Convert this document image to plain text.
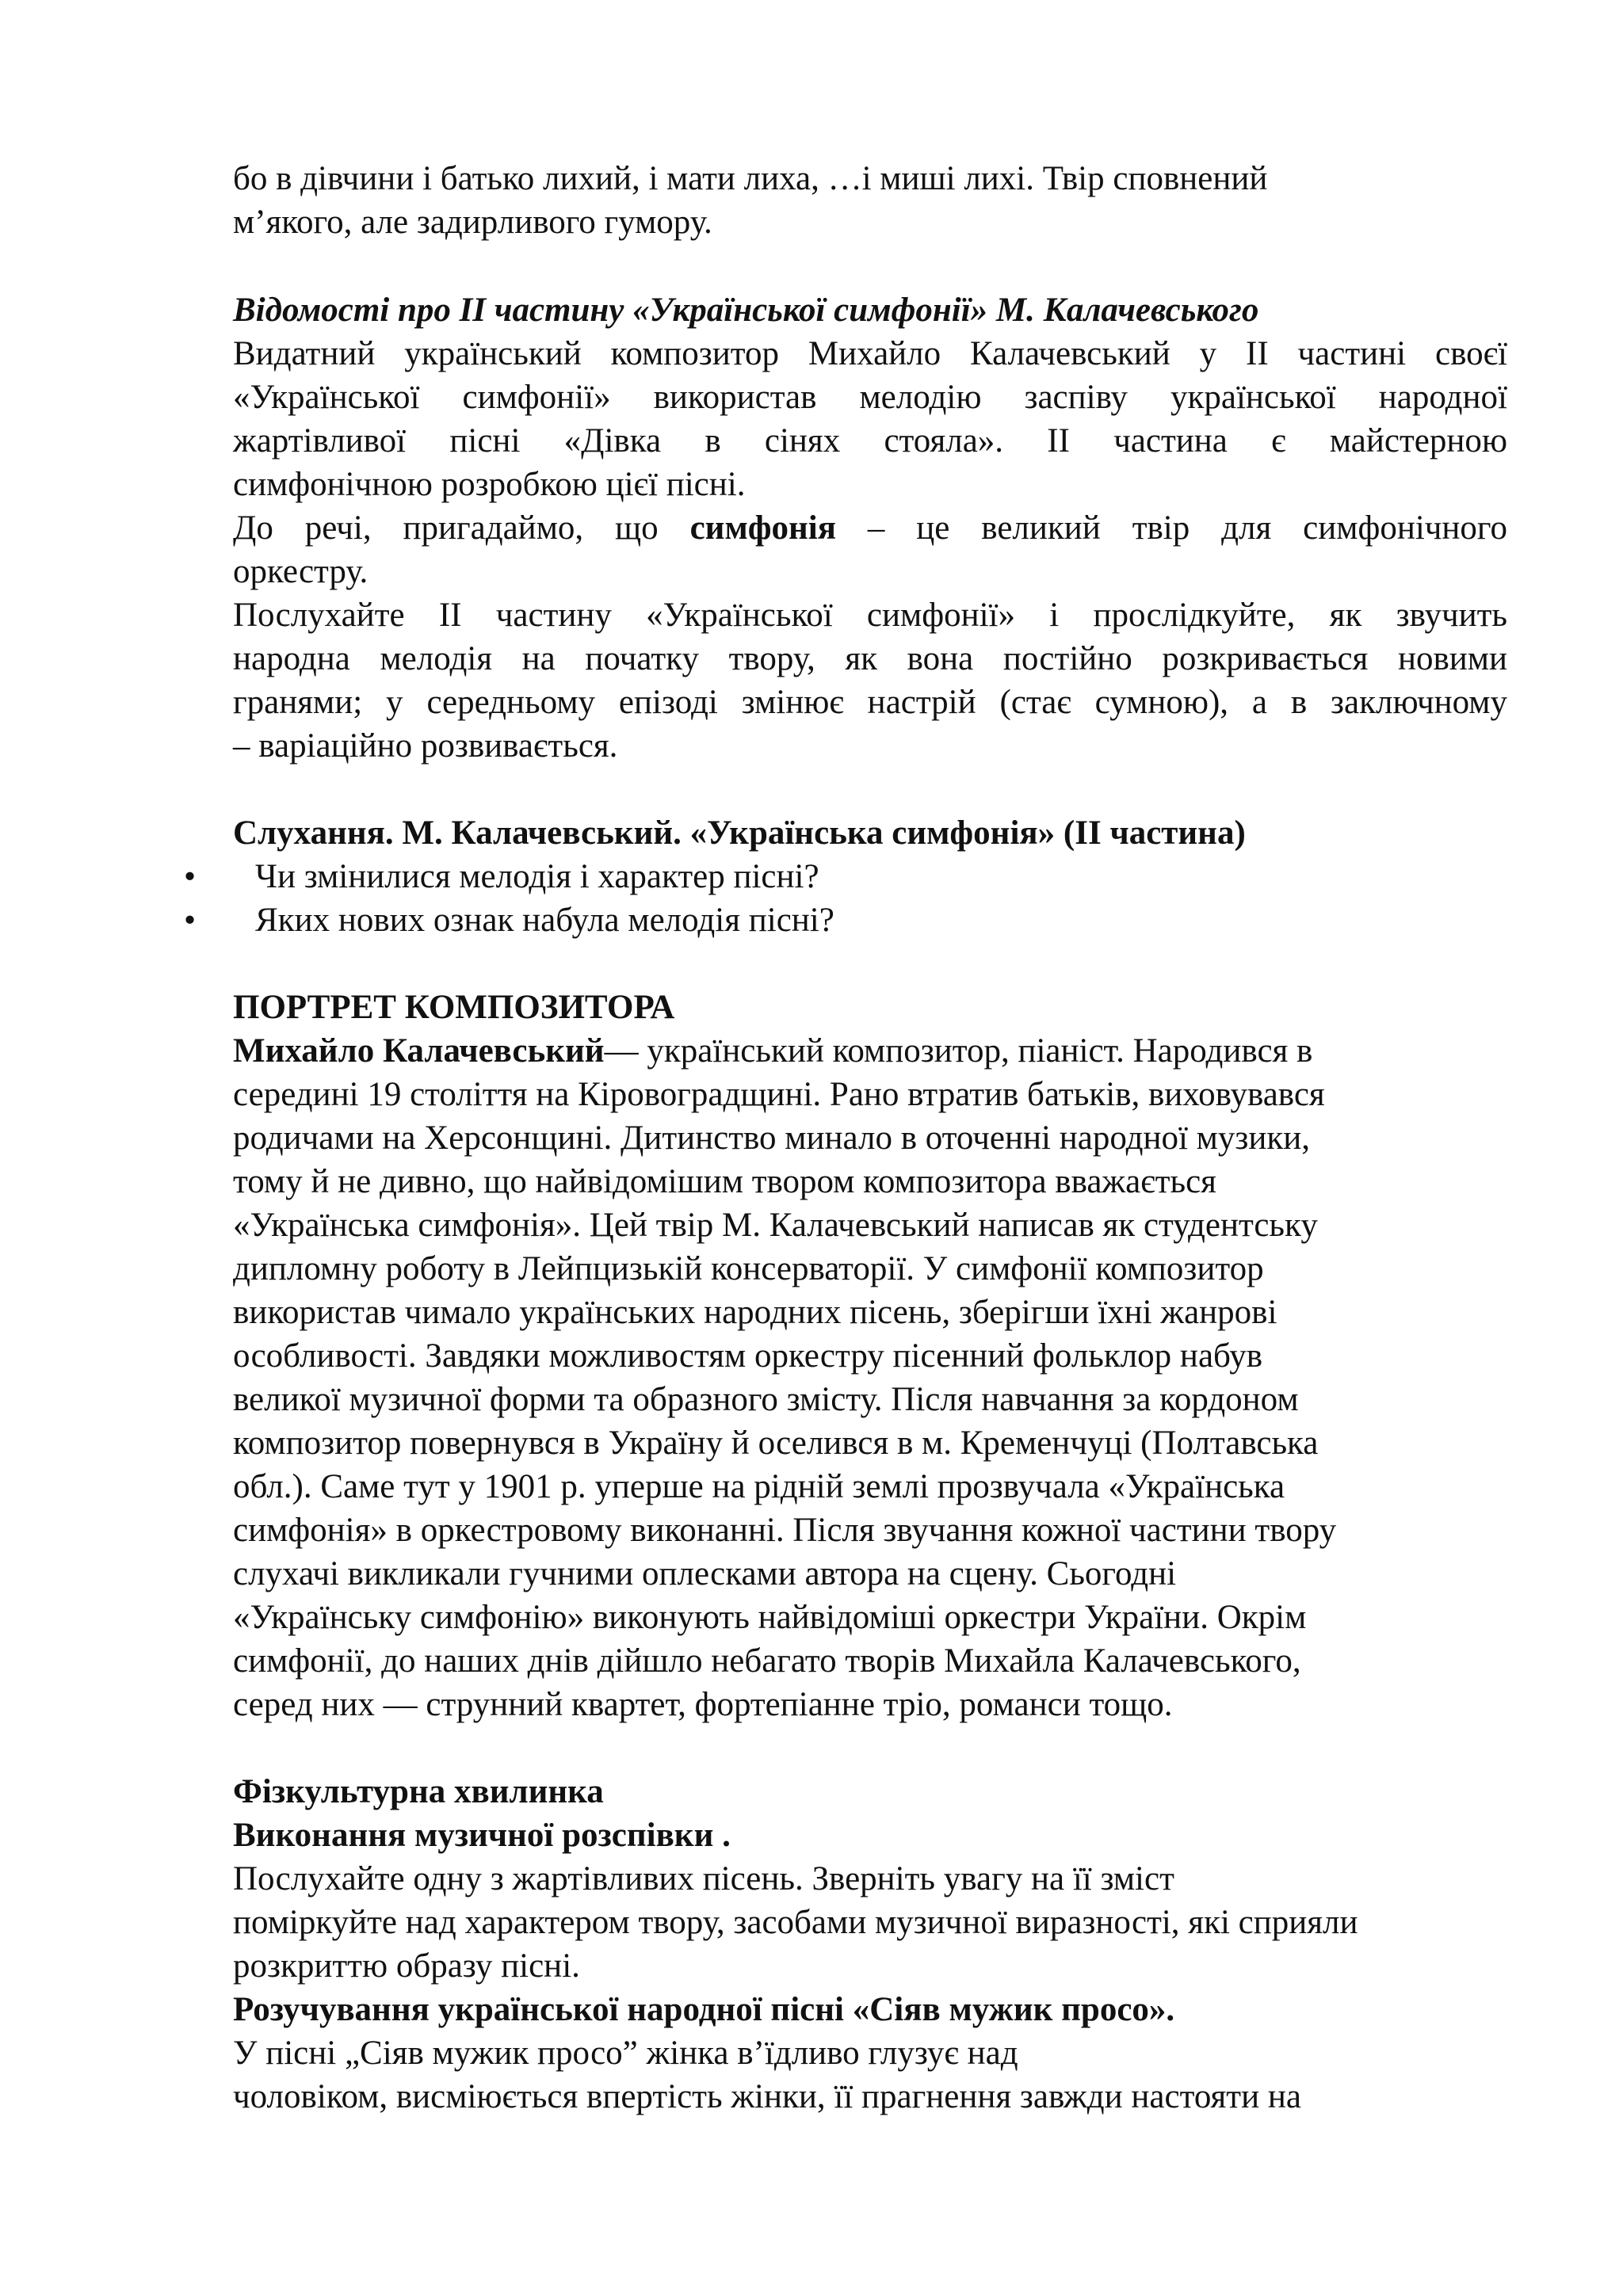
бо в дівчини і батько лихий, і мати лиха, …і миші лихі. Твір сповнений

м’якого, але задирливого гумору.

Відомості про ІІ частину «Української симфонії» М. Калачевського

Видатний український композитор Михайло Калачевський у ІІ частині своєї

«Української симфонії» використав мелодію заспіву української народної

жартівливої пісні «Дівка в сінях стояла». ІІ частина є майстерною

симфонічною розробкою цієї пісні.

До речі, пригадаймо, що симфонія – це великий твір для симфонічного

оркестру.

Послухайте ІІ частину «Української симфонії» і прослідкуйте, як звучить

народна мелодія на початку твору, як вона постійно розкривається новими

гранями; у середньому епізоді змінює настрій (стає сумною), а в заключному

– варіаційно розвивається.

Слухання. М. Калачевський. «Українська симфонія» (ІІ частина)

• Чи змінилися мелодія і характер пісні?

• Яких нових ознак набула мелодія пісні?

ПОРТРЕТ КОМПОЗИТОРА

Михайло Калачевський— український композитор, піаніст. Народився в

середині 19 століття на Кіровоградщині. Рано втратив батьків, виховувався

родичами на Херсонщині. Дитинство минало в оточенні народної музики,

тому й не дивно, що найвідомішим твором композитора вважається

«Українська симфонія». Цей твір М. Калачевський написав як студентську

дипломну роботу в Лейпцизькій консерваторії. У симфонії композитор

використав чимало українських народних пісень, зберігши їхні жанрові

особливості. Завдяки можливостям оркестру пісенний фольклор набув

великої музичної форми та образного змісту. Після навчання за кордоном

композитор повернувся в Україну й оселився в м. Кременчуці (Полтавська

обл.). Саме тут у 1901 р. уперше на рідній землі прозвучала «Українська

симфонія» в оркестровому виконанні. Після звучання кожної частини твору

слухачі викликали гучними оплесками автора на сцену. Сьогодні

«Українську симфонію» виконують найвідоміші оркестри України. Окрім

симфонії, до наших днів дійшло небагато творів Михайла Калачевського,

серед них — струнний квартет, фортепіанне тріо, романси тощо.

Фізкультурна хвилинка

Виконання музичної розспівки .

Послухайте одну з жартівливих пісень. Зверніть увагу на її зміст

поміркуйте над характером твору, засобами музичної виразності, які сприяли

розкриттю образу пісні.

Розучування української народної пісні «Сіяв мужик просо».

У пісні „Сіяв мужик просо” жінка в’їдливо глузує над

чоловіком, висміюється впертість жінки, її прагнення завжди настояти на
